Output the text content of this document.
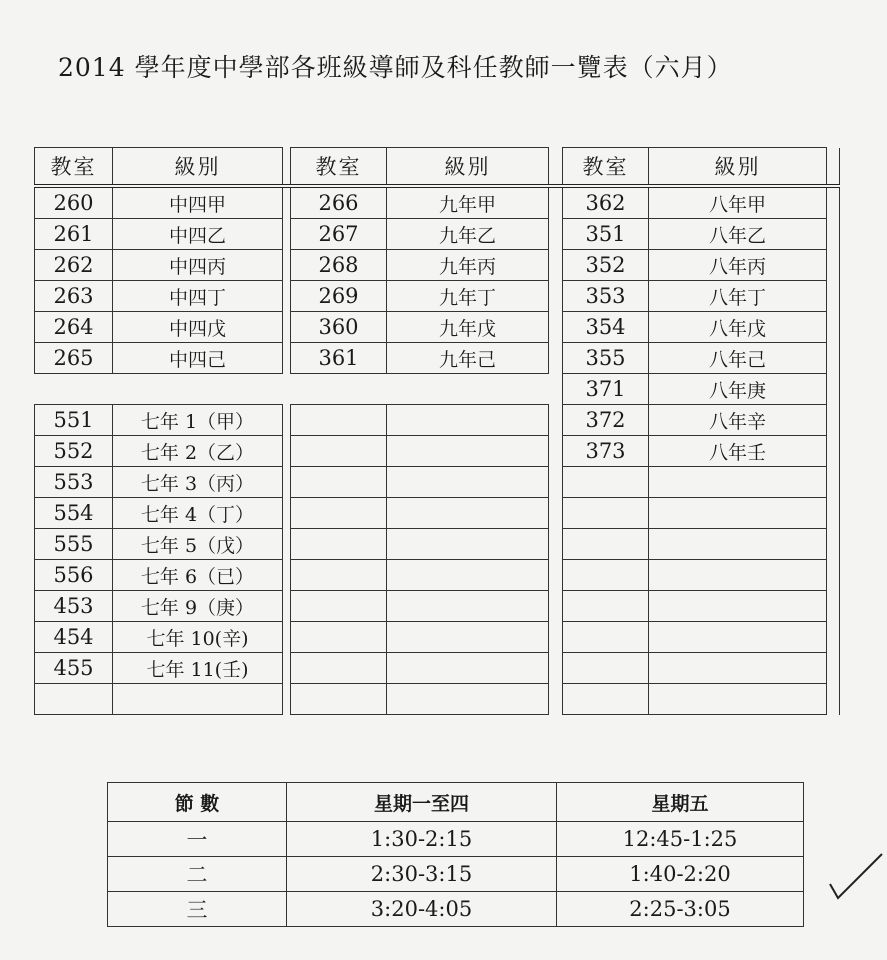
2014 學年度中學部各班級導師及科任教師一覽表（六月）
教室	級別		教室	級別		教室	級別	
260	中四甲		266	九年甲		362	八年甲	
261	中四乙		267	九年乙		351	八年乙	
262	中四丙		268	九年丙		352	八年丙	
263	中四丁		269	九年丁		353	八年丁	
264	中四戊		360	九年戊		354	八年戊	
265	中四己		361	九年己		355	八年己	
						371	八年庚	
551	七年 1（甲）					372	八年辛	
552	七年 2（乙）					373	八年壬	
553	七年 3（丙）							
554	七年 4（丁）							
555	七年 5（戊）							
556	七年 6（已）							
453	七年 9（庚）							
454	七年 10(辛)							
455	七年 11(壬)							

節 數	星期一至四	星期五
一	1:30-2:15	12:45-1:25
二	2:30-3:15	1:40-2:20
三	3:20-4:05	2:25-3:05
